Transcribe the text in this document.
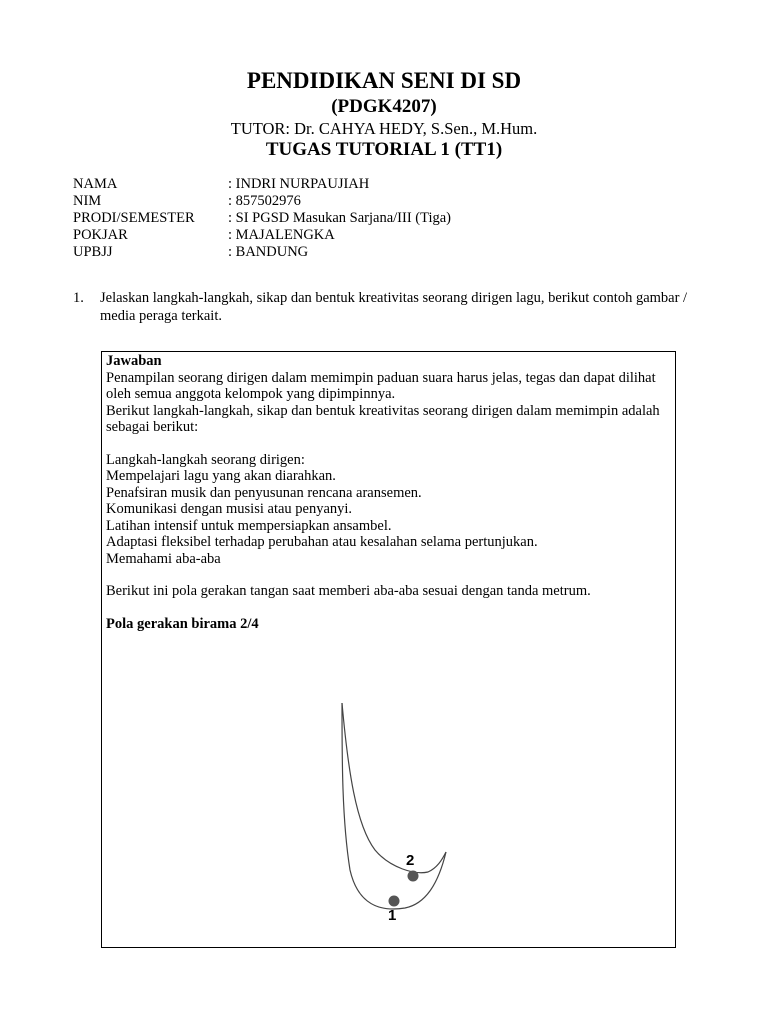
PENDIDIKAN SENI DI SD
(PDGK4207)
TUTOR: Dr. CAHYA HEDY, S.Sen., M.Hum.
TUGAS TUTORIAL 1 (TT1)
NAMA	: INDRI NURPAUJIAH
NIM	: 857502976
PRODI/SEMESTER	: SI PGSD Masukan Sarjana/III (Tiga)
POKJAR	: MAJALENGKA
UPBJJ	: BANDUNG
1.	Jelaskan langkah-langkah, sikap dan bentuk kreativitas seorang dirigen lagu, berikut contoh gambar / media peraga terkait.

Jawaban

Penampilan seorang dirigen dalam memimpin paduan suara harus jelas, tegas dan dapat dilihat oleh semua anggota kelompok yang dipimpinnya.

Berikut langkah-langkah, sikap dan bentuk kreativitas seorang dirigen dalam memimpin adalah sebagai berikut:

Langkah-langkah seorang dirigen:

Mempelajari lagu yang akan diarahkan.

Penafsiran musik dan penyusunan rencana aransemen.

Komunikasi dengan musisi atau penyanyi.

Latihan intensif untuk mempersiapkan ansambel.

Adaptasi fleksibel terhadap perubahan atau kesalahan selama pertunjukan.

Memahami aba-aba

Berikut ini pola gerakan tangan saat memberi aba-aba sesuai dengan tanda metrum.

Pola gerakan birama 2/4

1
2
